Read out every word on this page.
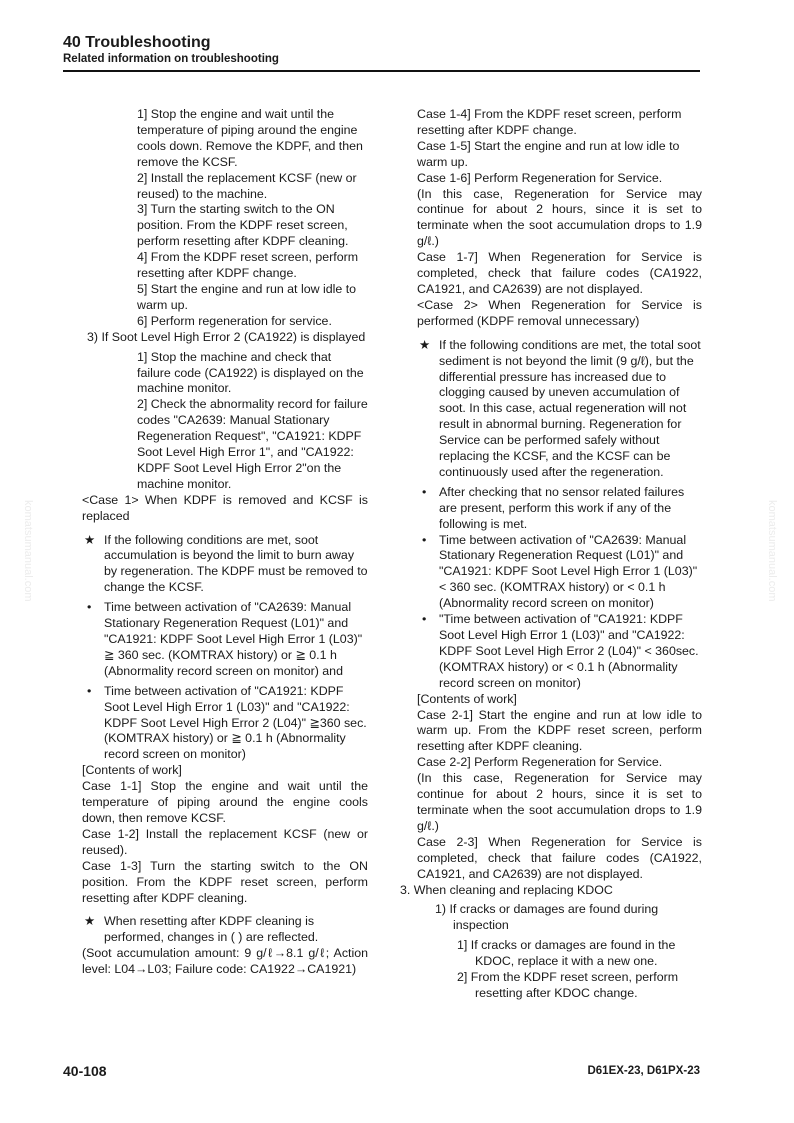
40 Troubleshooting
Related information on troubleshooting
komatsumanual.com	komatsumanual.com

1] Stop the engine and wait until the temperature of piping around the engine cools down. Remove the KDPF, and then remove the KCSF.

2] Install the replacement KCSF (new or reused) to the machine.

3] Turn the starting switch to the ON position. From the KDPF reset screen, perform resetting after KDPF cleaning.

4] From the KDPF reset screen, perform resetting after KDPF change.

5] Start the engine and run at low idle to warm up.

6] Perform regeneration for service.

3) If Soot Level High Error 2 (CA1922) is displayed

1] Stop the machine and check that failure code (CA1922) is displayed on the machine monitor.

2] Check the abnormality record for failure codes "CA2639: Manual Stationary Regeneration Request", "CA1921: KDPF Soot Level High Error 1", and "CA1922: KDPF Soot Level High Error 2"on the machine monitor.

<Case 1> When KDPF is removed and KCSF is replaced

★ If the following conditions are met, soot accumulation is beyond the limit to burn away by regeneration. The KDPF must be removed to change the KCSF.
• Time between activation of "CA2639: Manual Stationary Regeneration Request (L01)" and "CA1921: KDPF Soot Level High Error 1 (L03)" ≧ 360 sec. (KOMTRAX history) or ≧ 0.1 h (Abnormality record screen on monitor) and
• Time between activation of "CA1921: KDPF Soot Level High Error 1 (L03)" and "CA1922: KDPF Soot Level High Error 2 (L04)" ≧360 sec. (KOMTRAX history) or ≧ 0.1 h (Abnormality record screen on monitor)

[Contents of work]

Case 1-1] Stop the engine and wait until the temperature of piping around the engine cools down, then remove KCSF.

Case 1-2] Install the replacement KCSF (new or reused).

Case 1-3] Turn the starting switch to the ON position. From the KDPF reset screen, perform resetting after KDPF cleaning.

★ When resetting after KDPF cleaning is performed, changes in ( ) are reflected.

(Soot accumulation amount: 9 g/ℓ→8.1 g/ℓ; Action level: L04→L03; Failure code: CA1922→CA1921)

Case 1-4] From the KDPF reset screen, perform resetting after KDPF change.

Case 1-5] Start the engine and run at low idle to warm up.

Case 1-6] Perform Regeneration for Service.

(In this case, Regeneration for Service may continue for about 2 hours, since it is set to terminate when the soot accumulation drops to 1.9 g/ℓ.)

Case 1-7] When Regeneration for Service is completed, check that failure codes (CA1922, CA1921, and CA2639) are not displayed.

<Case 2> When Regeneration for Service is performed (KDPF removal unnecessary)

★ If the following conditions are met, the total soot sediment is not beyond the limit (9 g/ℓ), but the differential pressure has increased due to clogging caused by uneven accumulation of soot. In this case, actual regeneration will not result in abnormal burning. Regeneration for Service can be performed safely without replacing the KCSF, and the KCSF can be continuously used after the regeneration.
• After checking that no sensor related failures are present, perform this work if any of the following is met.
• Time between activation of "CA2639: Manual Stationary Regeneration Request (L01)" and "CA1921: KDPF Soot Level High Error 1 (L03)" < 360 sec. (KOMTRAX history) or < 0.1 h (Abnormality record screen on monitor)
• "Time between activation of "CA1921: KDPF Soot Level High Error 1 (L03)" and "CA1922: KDPF Soot Level High Error 2 (L04)" < 360sec. (KOMTRAX history) or < 0.1 h (Abnormality record screen on monitor)

[Contents of work]

Case 2-1] Start the engine and run at low idle to warm up. From the KDPF reset screen, perform resetting after KDPF cleaning.

Case 2-2] Perform Regeneration for Service.

(In this case, Regeneration for Service may continue for about 2 hours, since it is set to terminate when the soot accumulation drops to 1.9 g/ℓ.)

Case 2-3] When Regeneration for Service is completed, check that failure codes (CA1922, CA1921, and CA2639) are not displayed.

3. When cleaning and replacing KDOC

1) If cracks or damages are found during inspection

1] If cracks or damages are found in the KDOC, replace it with a new one.

2] From the KDPF reset screen, perform resetting after KDOC change.

40-108	D61EX-23, D61PX-23
